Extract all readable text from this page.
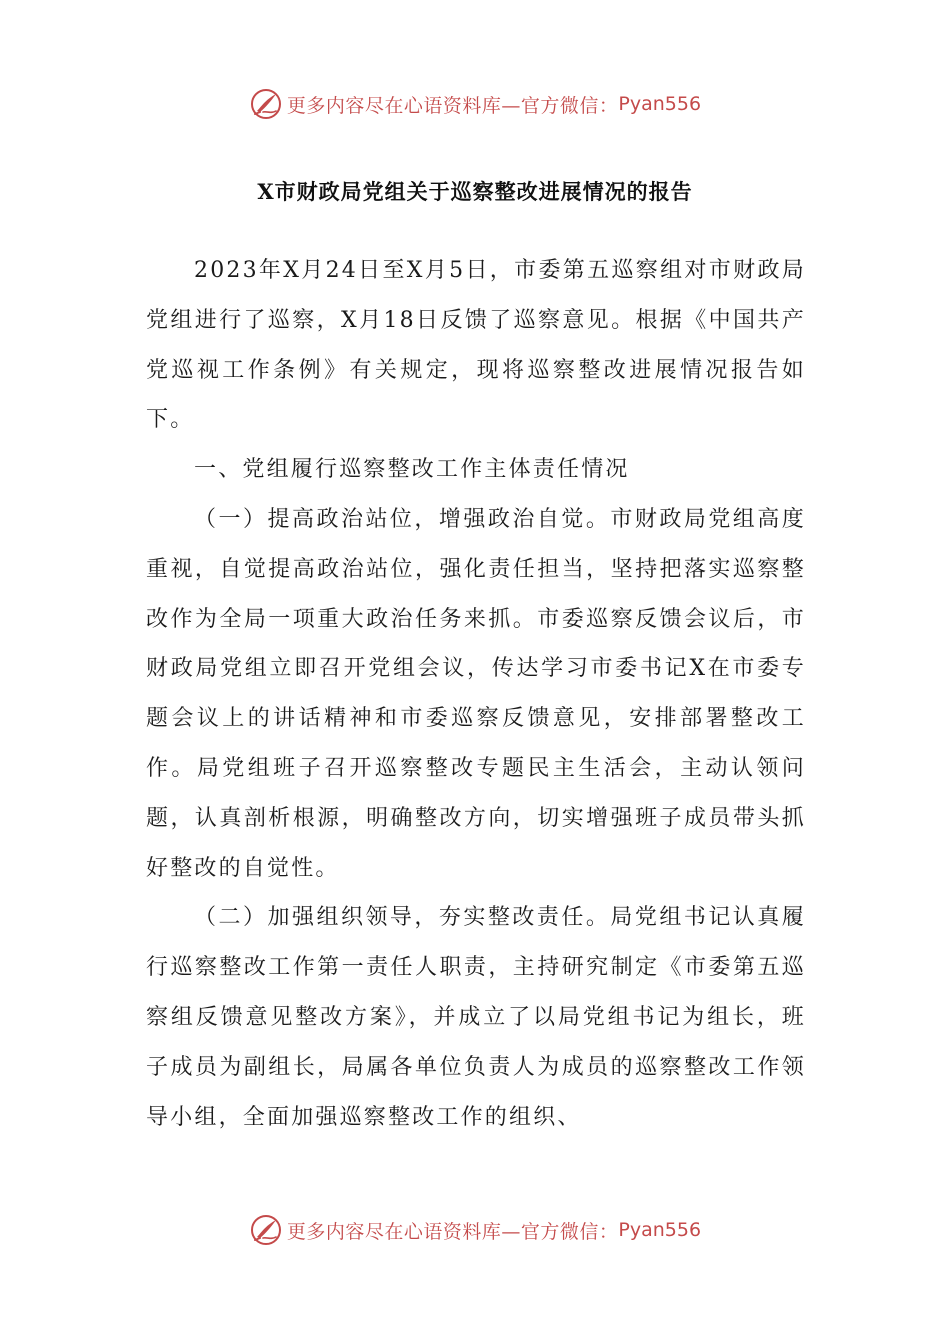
更多内容尽在心语资料库—官方微信： Pyan556
X市财政局党组关于巡察整改进展情况的报告

2023年X月24日至X月5日，市委第五巡察组对市财政局党组进行了巡察，X月18日反馈了巡察意见。根据《中国共产党巡视工作条例》有关规定，现将巡察整改进展情况报告如下。

一、党组履行巡察整改工作主体责任情况

（一）提高政治站位，增强政治自觉。市财政局党组高度重视，自觉提高政治站位，强化责任担当，坚持把落实巡察整改作为全局一项重大政治任务来抓。市委巡察反馈会议后，市财政局党组立即召开党组会议，传达学习市委书记X在市委专题会议上的讲话精神和市委巡察反馈意见，安排部署整改工作。局党组班子召开巡察整改专题民主生活会，主动认领问题，认真剖析根源，明确整改方向，切实增强班子成员带头抓好整改的自觉性。

（二）加强组织领导，夯实整改责任。局党组书记认真履行巡察整改工作第一责任人职责，主持研究制定《市委第五巡察组反馈意见整改方案》，并成立了以局党组书记为组长，班子成员为副组长，局属各单位负责人为成员的巡察整改工作领导小组，全面加强巡察整改工作的组织、

更多内容尽在心语资料库—官方微信： Pyan556
